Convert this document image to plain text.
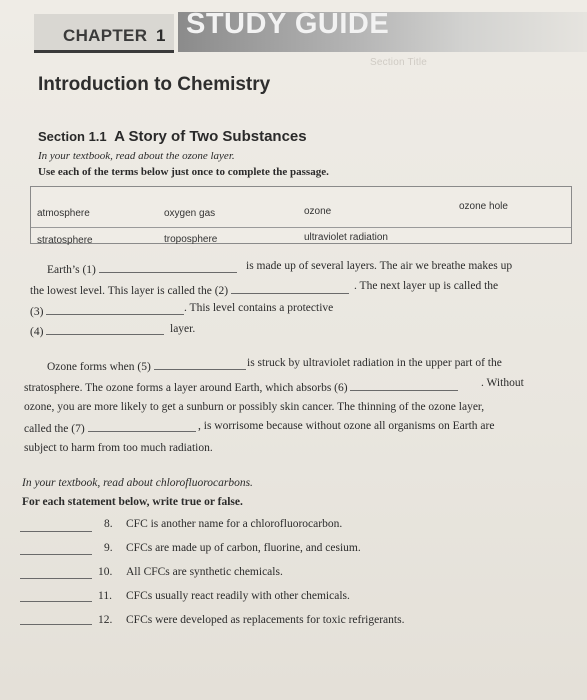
CHAPTER 1 STUDY GUIDE
Section Title
Introduction to Chemistry
Section 1.1 A Story of Two Substances
In your textbook, read about the ozone layer.
Use each of the terms below just once to complete the passage.
atmosphere	oxygen gas	ozone	ozone hole
stratosphere	troposphere	ultraviolet radiation
Earth’s (1)	is made up of several layers. The air we breathe makes up
the lowest level. This layer is called the (2)	. The next layer up is called the
(3)	. This level contains a protective
(4)	layer.
Ozone forms when (5)	is struck by ultraviolet radiation in the upper part of the
stratosphere. The ozone forms a layer around Earth, which absorbs (6)	. Without
ozone, you are more likely to get a sunburn or possibly skin cancer. The thinning of the ozone layer,
called the (7)	, is worrisome because without ozone all organisms on Earth are
subject to harm from too much radiation.
In your textbook, read about chlorofluorocarbons.
For each statement below, write true or false.
8. CFC is another name for a chlorofluorocarbon.
9. CFCs are made up of carbon, fluorine, and cesium.
10. All CFCs are synthetic chemicals.
11. CFCs usually react readily with other chemicals.
12. CFCs were developed as replacements for toxic refrigerants.
